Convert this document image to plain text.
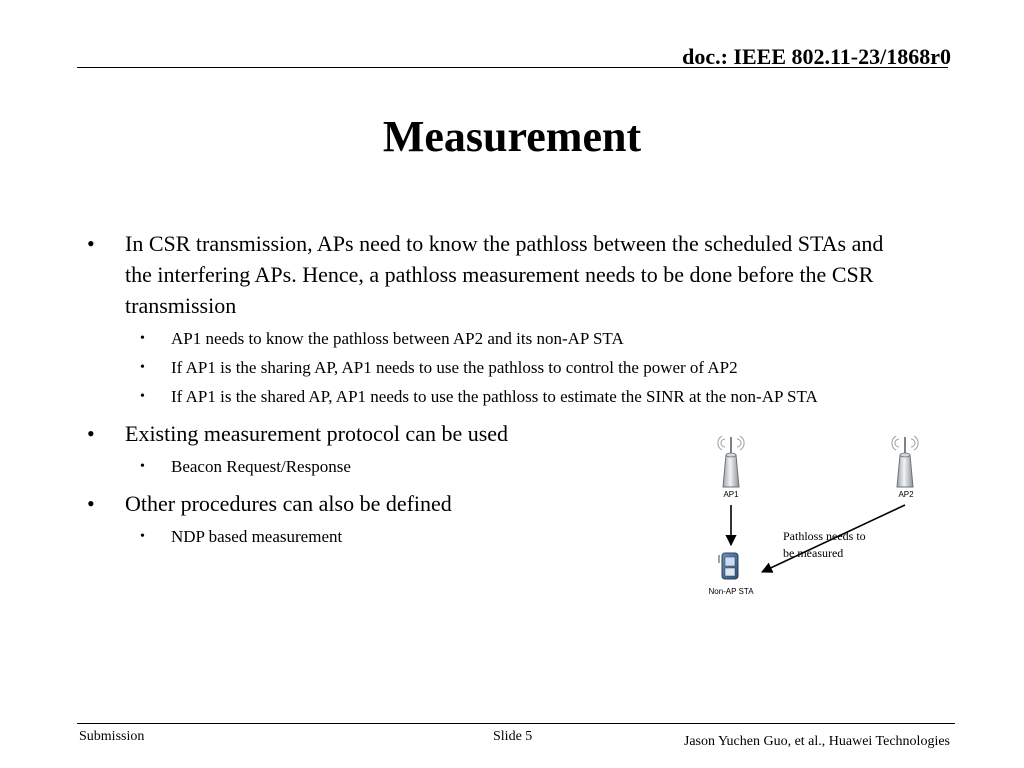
doc.: IEEE 802.11-23/1868r0
Measurement
• In CSR transmission, APs need to know the pathloss between the scheduled STAs and the interfering APs. Hence, a pathloss measurement needs to be done before the CSR transmission
• AP1 needs to know the pathloss between AP2 and its non-AP STA
• If AP1 is the sharing AP, AP1 needs to use the pathloss to control the power of AP2
• If AP1 is the shared AP, AP1 needs to use the pathloss to estimate the SINR at the non-AP STA
• Existing measurement protocol can be used
• Beacon Request/Response
• Other procedures can also be defined
• NDP based measurement
AP1	AP2
Non-AP STA
Pathloss needs to
be measured
Submission	Slide 5	Jason Yuchen Guo, et al., Huawei Technologies
